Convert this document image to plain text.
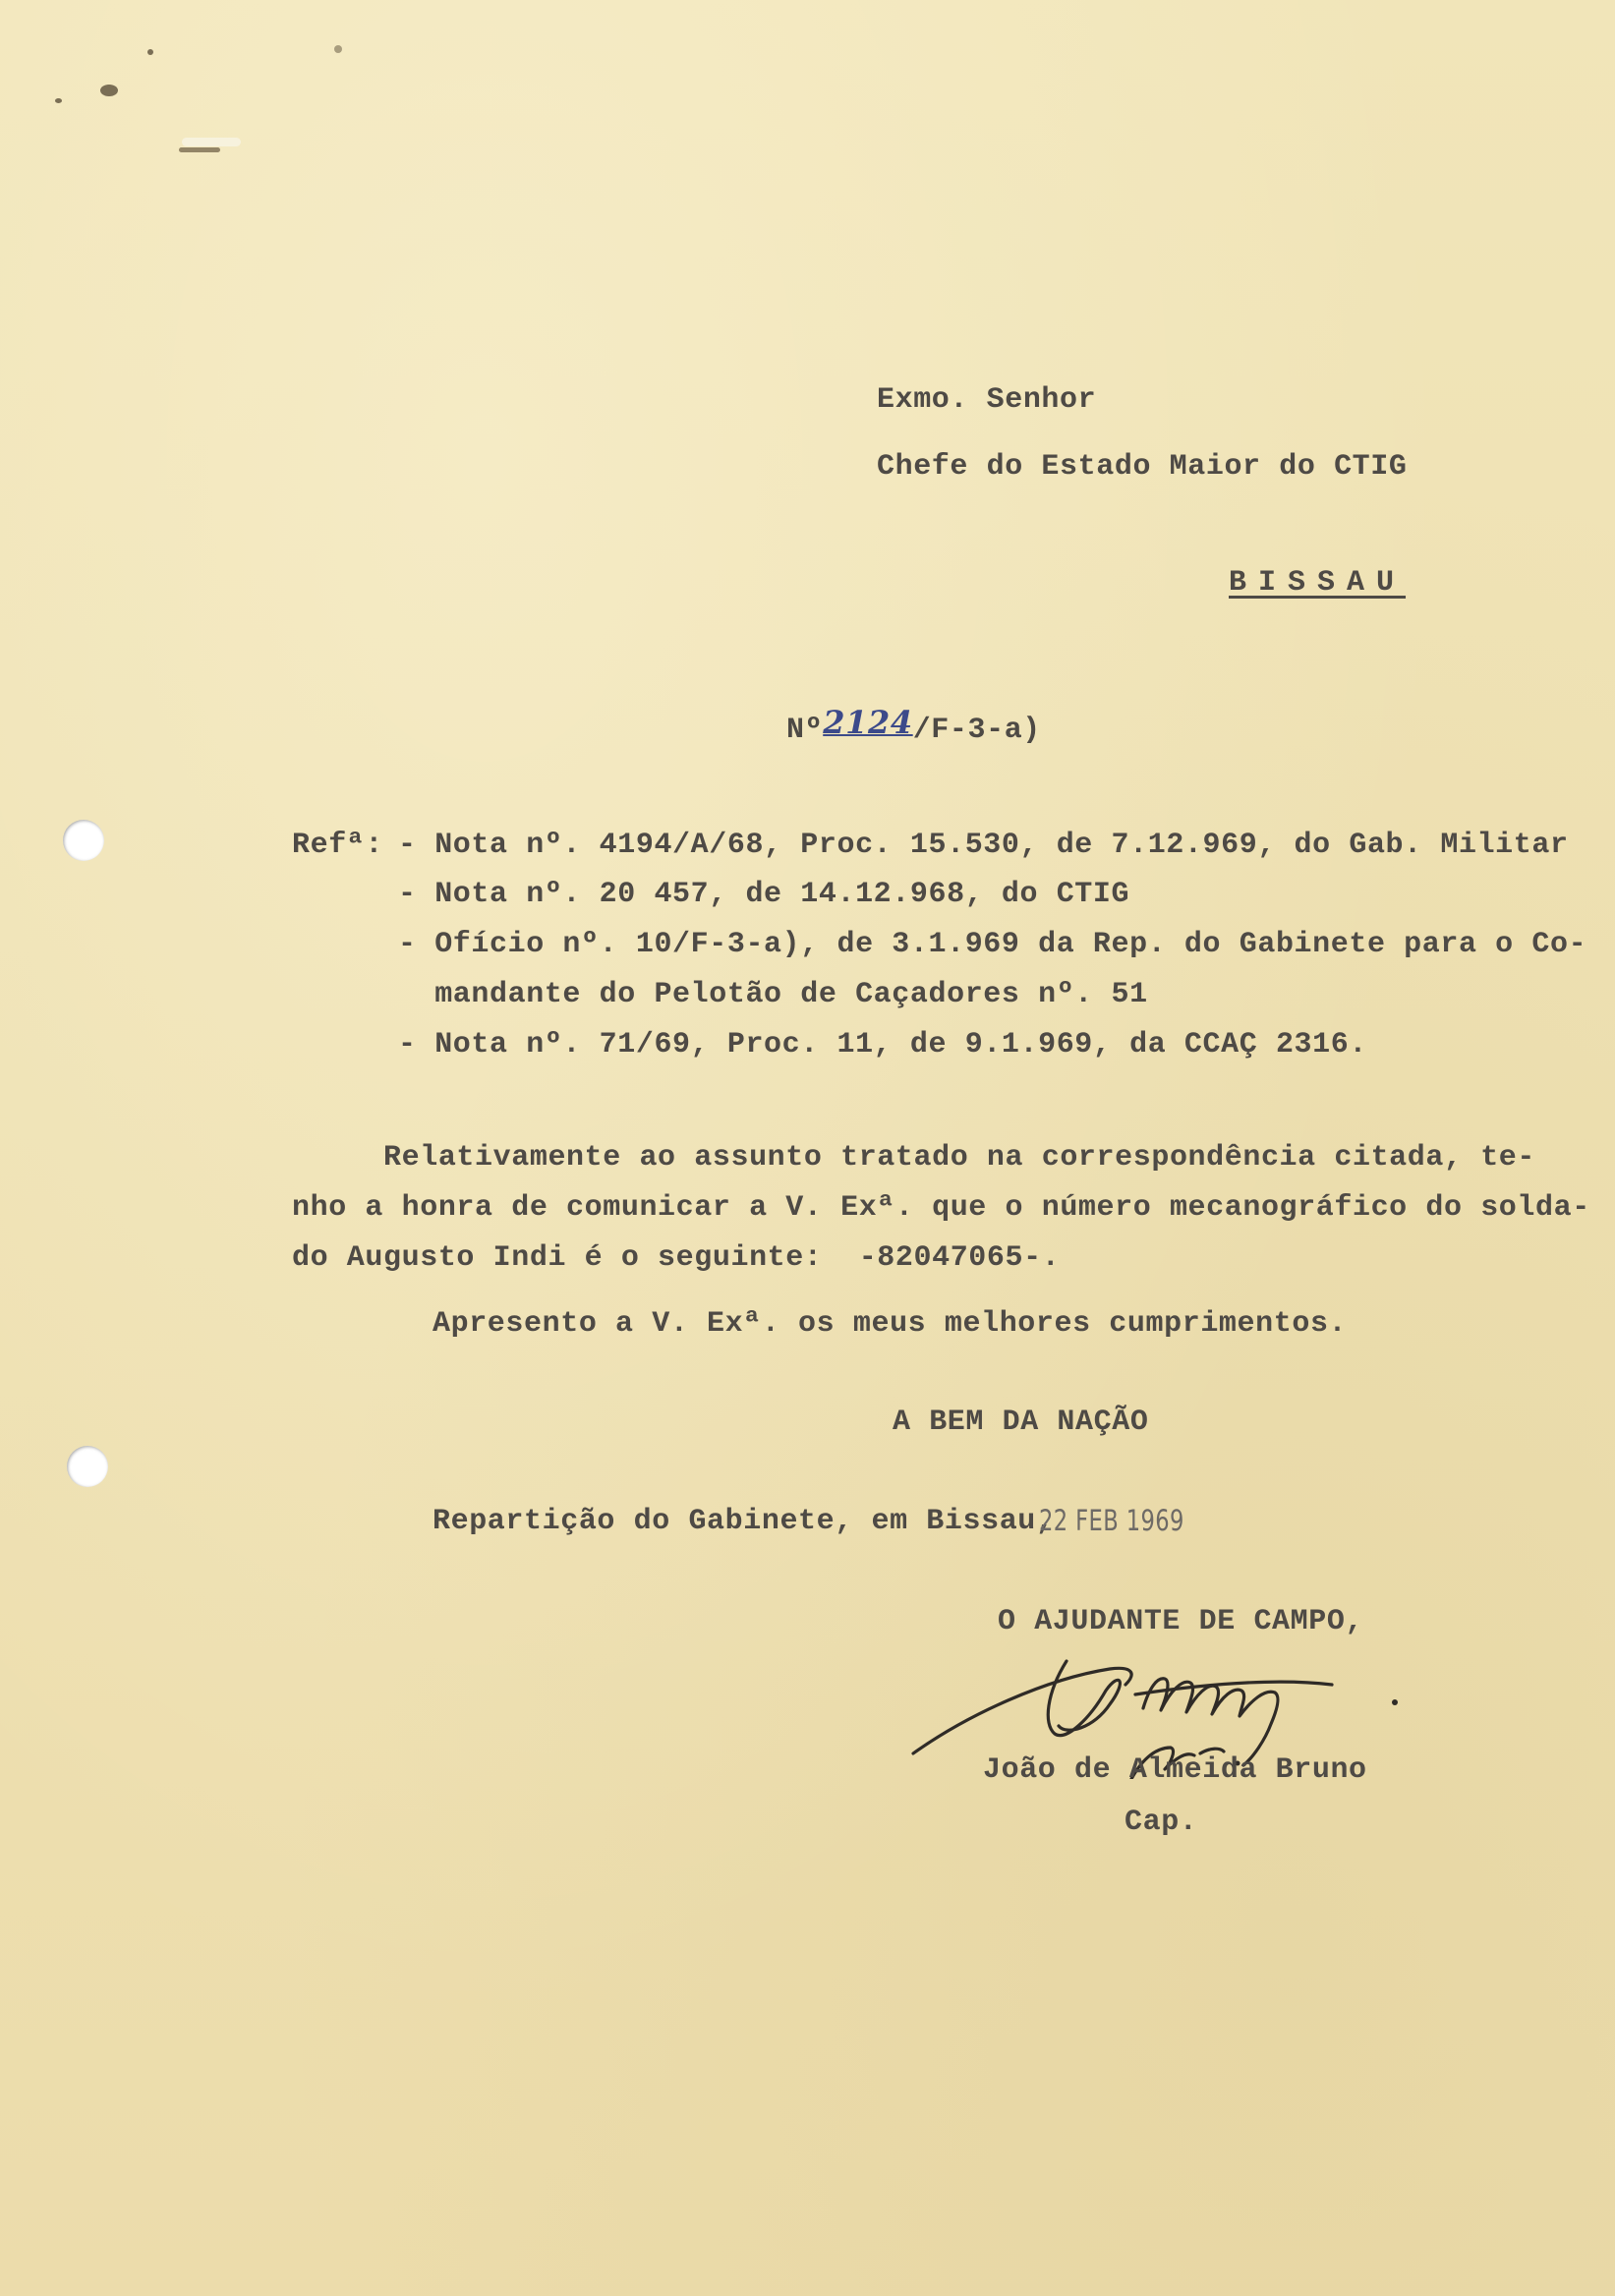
Exmo. Senhor
Chefe do Estado Maior do CTIG
BISSAU
Nº2124/F-3-a)
Refª: - Nota nº. 4194/A/68, Proc. 15.530, de 7.12.969, do Gab. Militar
- Nota nº. 20 457, de 14.12.968, do CTIG
- Ofício nº. 10/F-3-a), de 3.1.969 da Rep. do Gabinete para o Co-
mandante do Pelotão de Caçadores nº. 51
- Nota nº. 71/69, Proc. 11, de 9.1.969, da CCAÇ 2316.
Relativamente ao assunto tratado na correspondência citada, te-
nho a honra de comunicar a V. Exª. que o número mecanográfico do solda-
do Augusto Indi é o seguinte:  -82047065-.
Apresento a V. Exª. os meus melhores cumprimentos.
A BEM DA NAÇÃO
Repartição do Gabinete, em Bissau,
22 FEB 1969
O AJUDANTE DE CAMPO,
João de Almeida Bruno
Cap.
